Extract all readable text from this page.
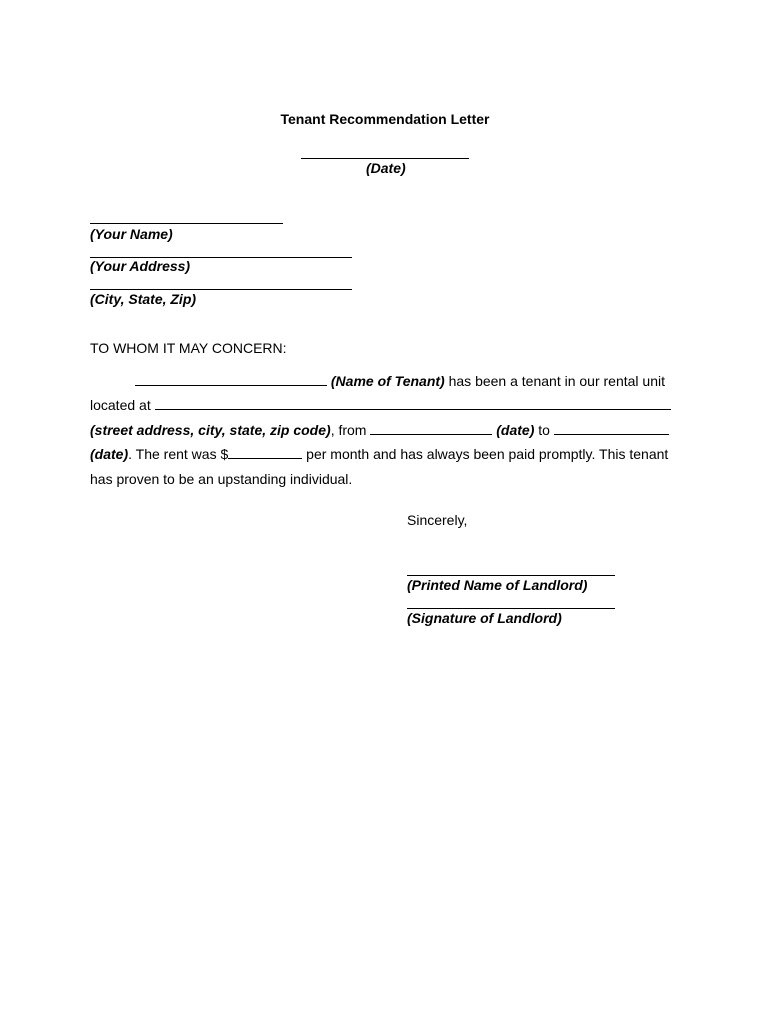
Tenant Recommendation Letter
(Date)
(Your Name)
(Your Address)
(City, State, Zip)
TO WHOM IT MAY CONCERN:
(Name of Tenant) has been a tenant in our rental unit
located at
(street address, city, state, zip code), from	(date) to
(date). The rent was $	per month and has always been paid promptly. This tenant
has proven to be an upstanding individual.
Sincerely,
(Printed Name of Landlord)
(Signature of Landlord)
